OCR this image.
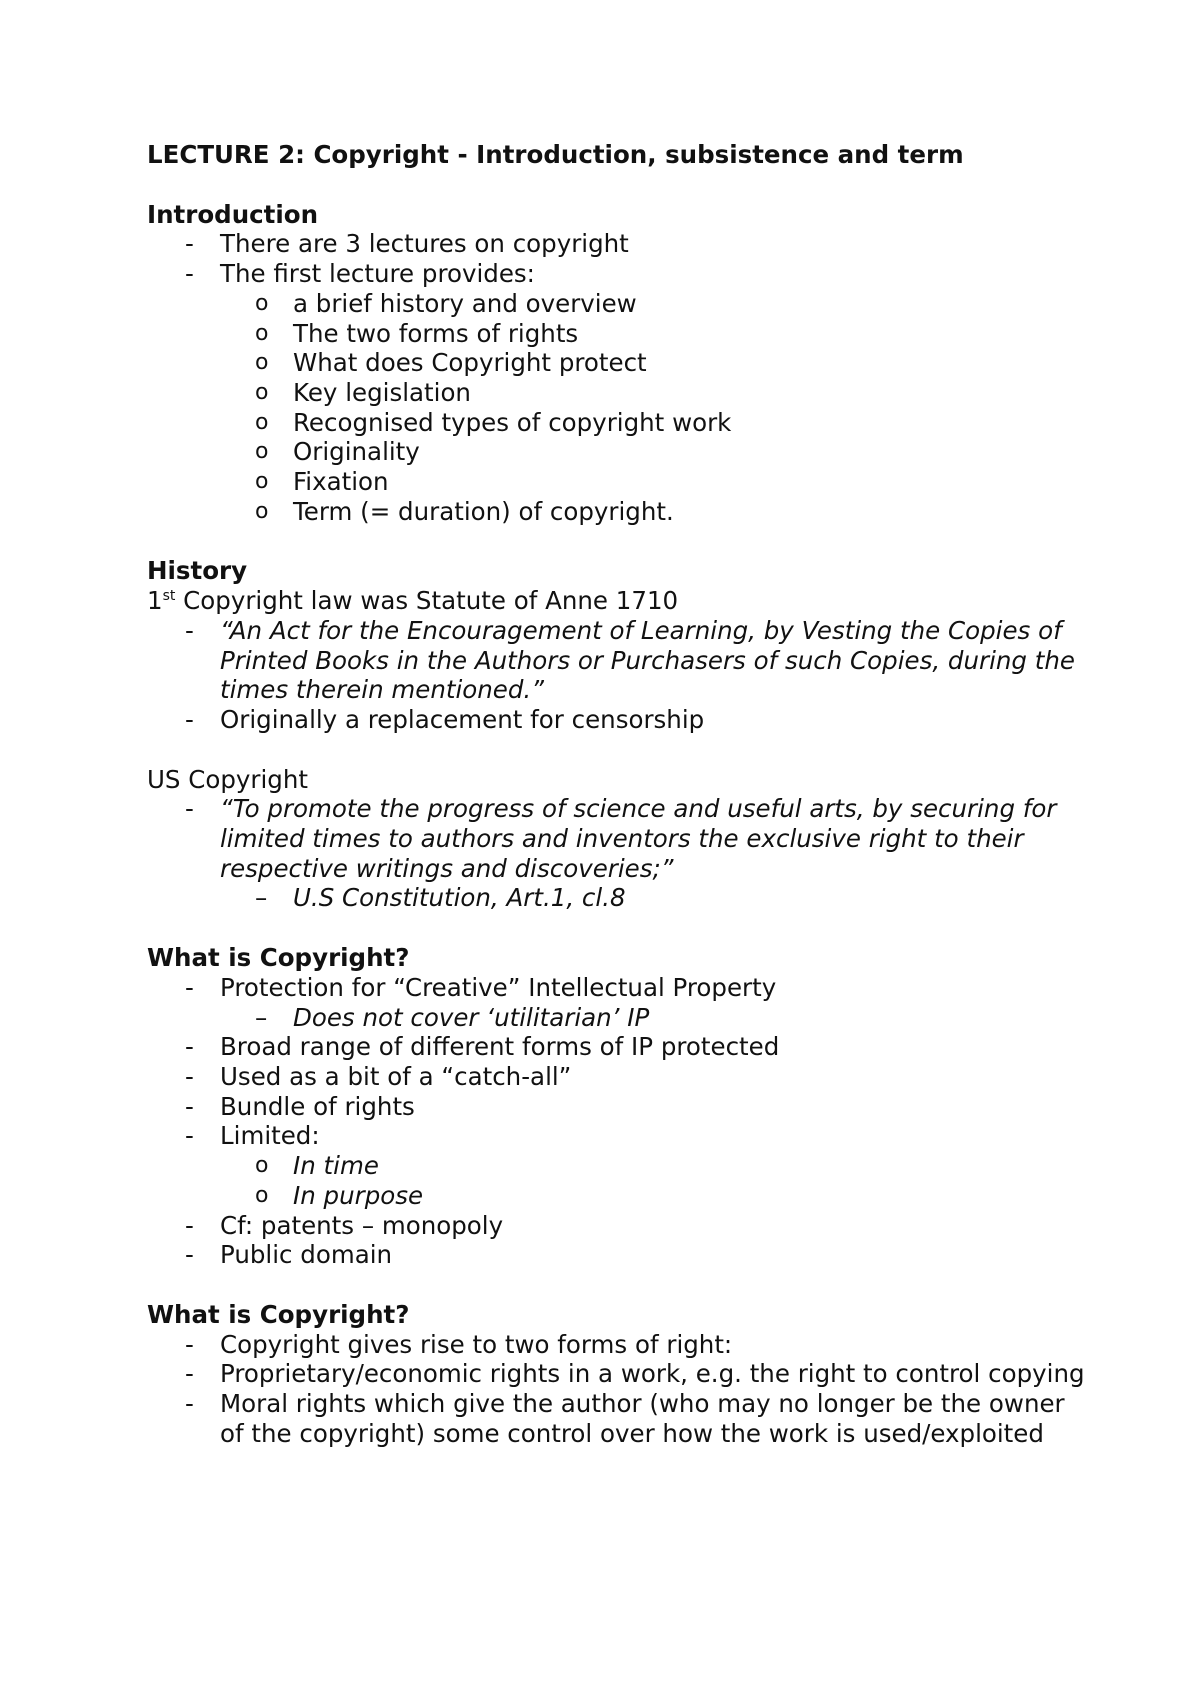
LECTURE 2: Copyright - Introduction, subsistence and term

Introduction

- There are 3 lectures on copyright
- The first lecture provides:
o a brief history and overview
o The two forms of rights
o What does Copyright protect
o Key legislation
o Recognised types of copyright work
o Originality
o Fixation
o Term (= duration) of copyright.

History

1st Copyright law was Statute of Anne 1710

- “An Act for the Encouragement of Learning, by Vesting the Copies of Printed Books in the Authors or Purchasers of such Copies, during the times therein mentioned.”
- Originally a replacement for censorship

US Copyright

- “To promote the progress of science and useful arts, by securing for limited times to authors and inventors the exclusive right to their respective writings and discoveries;”
– U.S Constitution, Art.1, cl.8

What is Copyright?

- Protection for “Creative” Intellectual Property
– Does not cover ‘utilitarian’ IP
- Broad range of different forms of IP protected
- Used as a bit of a “catch-all”
- Bundle of rights
- Limited:
o In time
o In purpose
- Cf: patents – monopoly
- Public domain

What is Copyright?

- Copyright gives rise to two forms of right:
- Proprietary/economic rights in a work, e.g. the right to control copying
- Moral rights which give the author (who may no longer be the owner of the copyright) some control over how the work is used/exploited
